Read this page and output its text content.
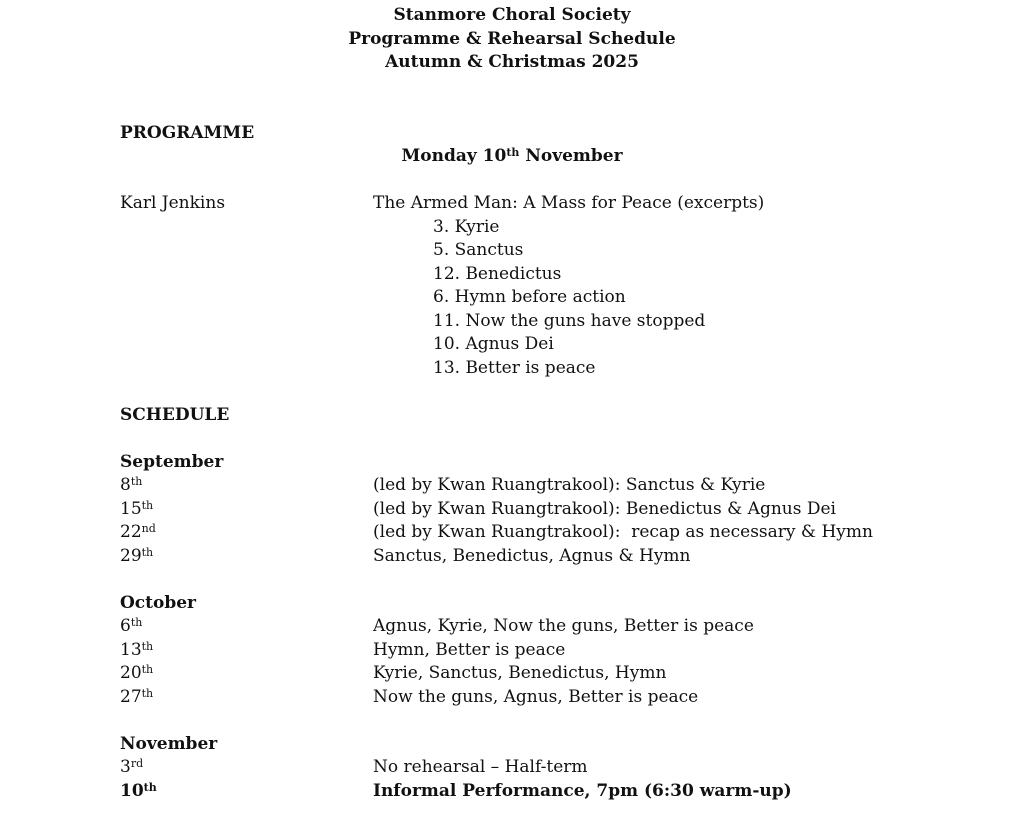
Stanmore Choral Society
Programme & Rehearsal Schedule
Autumn & Christmas 2025
PROGRAMME
Monday 10th November
Karl Jenkins	The Armed Man: A Mass for Peace (excerpts)
3. Kyrie
5. Sanctus
12. Benedictus
6. Hymn before action
11. Now the guns have stopped
10. Agnus Dei
13. Better is peace
SCHEDULE
September
8th	(led by Kwan Ruangtrakool): Sanctus & Kyrie
15th	(led by Kwan Ruangtrakool): Benedictus & Agnus Dei
22nd	(led by Kwan Ruangtrakool):  recap as necessary & Hymn
29th	Sanctus, Benedictus, Agnus & Hymn
October
6th	Agnus, Kyrie, Now the guns, Better is peace
13th	Hymn, Better is peace
20th	Kyrie, Sanctus, Benedictus, Hymn
27th	Now the guns, Agnus, Better is peace
November
3rd	No rehearsal – Half-term
10th	Informal Performance, 7pm (6:30 warm-up)
